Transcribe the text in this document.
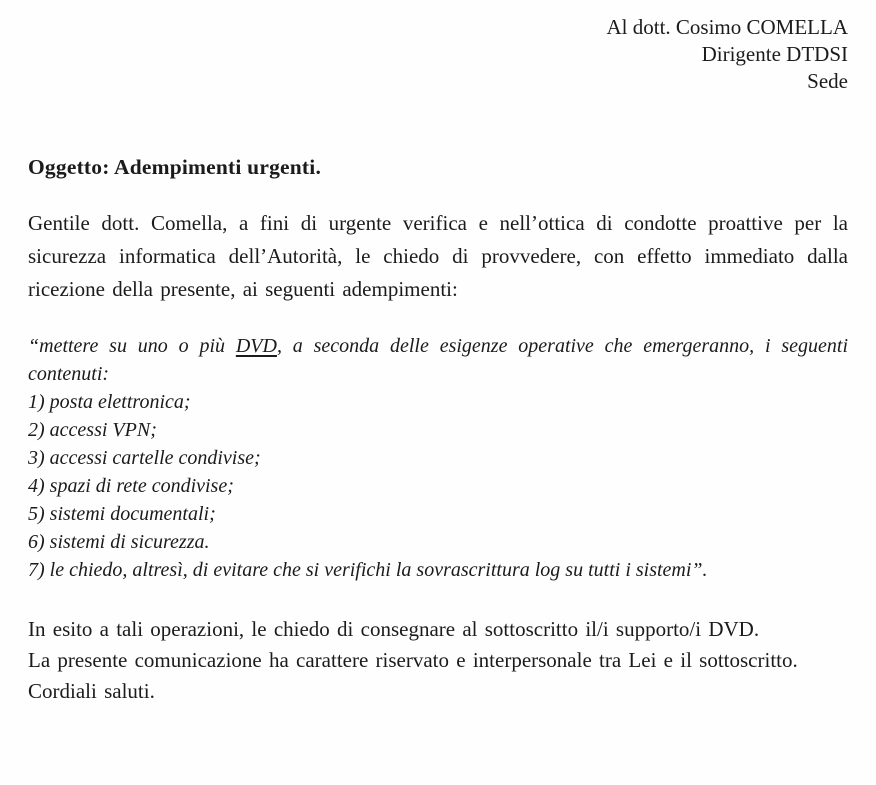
Al dott. Cosimo COMELLA
Dirigente DTDSI
Sede
Oggetto: Adempimenti urgenti.
Gentile dott. Comella, a fini di urgente verifica e nell’ottica di condotte proattive per la sicurezza informatica dell’Autorità, le chiedo di provvedere, con effetto immediato dalla ricezione della presente, ai seguenti adempimenti:
“mettere su uno o più DVD, a seconda delle esigenze operative che emergeranno, i seguenti contenuti:
1) posta elettronica;
2) accessi VPN;
3) accessi cartelle condivise;
4) spazi di rete condivise;
5) sistemi documentali;
6) sistemi di sicurezza.
7) le chiedo, altresì, di evitare che si verifichi la sovrascrittura log su tutti i sistemi”.

In esito a tali operazioni, le chiedo di consegnare al sottoscritto il/i supporto/i DVD.

La presente comunicazione ha carattere riservato e interpersonale tra Lei e il sottoscritto.

Cordiali saluti.
